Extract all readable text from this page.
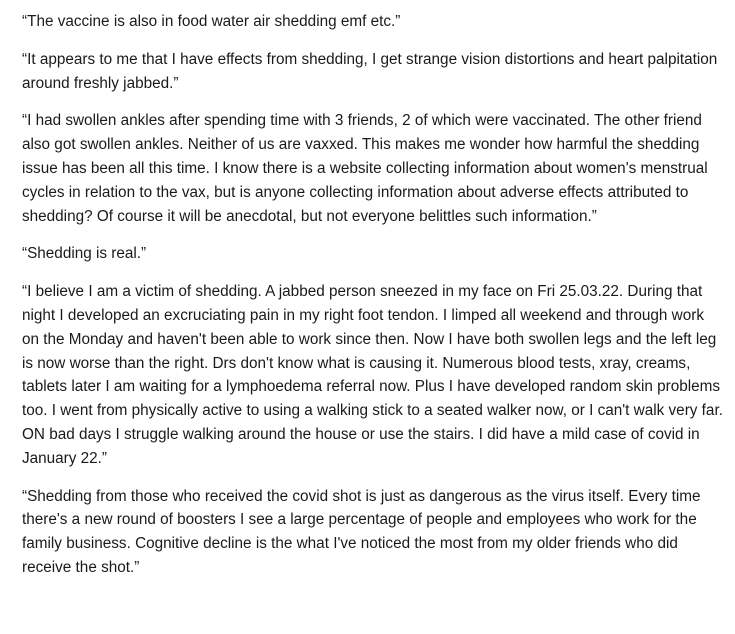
“The vaccine is also in food water air shedding emf etc.”

“It appears to me that I have effects from shedding, I get strange vision distortions and heart palpitation around freshly jabbed.”

“I had swollen ankles after spending time with 3 friends, 2 of which were vaccinated. The other friend also got swollen ankles. Neither of us are vaxxed. This makes me wonder how harmful the shedding issue has been all this time. I know there is a website collecting information about women's menstrual cycles in relation to the vax, but is anyone collecting information about adverse effects attributed to shedding? Of course it will be anecdotal, but not everyone belittles such information.”

“Shedding is real.”

“I believe I am a victim of shedding. A jabbed person sneezed in my face on Fri 25.03.22. During that night I developed an excruciating pain in my right foot tendon. I limped all weekend and through work on the Monday and haven't been able to work since then. Now I have both swollen legs and the left leg is now worse than the right. Drs don't know what is causing it. Numerous blood tests, xray, creams, tablets later I am waiting for a lymphoedema referral now. Plus I have developed random skin problems too. I went from physically active to using a walking stick to a seated walker now, or I can't walk very far. ON bad days I struggle walking around the house or use the stairs. I did have a mild case of covid in January 22.”

“Shedding from those who received the covid shot is just as dangerous as the virus itself. Every time there's a new round of boosters I see a large percentage of people and employees who work for the family business. Cognitive decline is the what I've noticed the most from my older friends who did receive the shot.”
